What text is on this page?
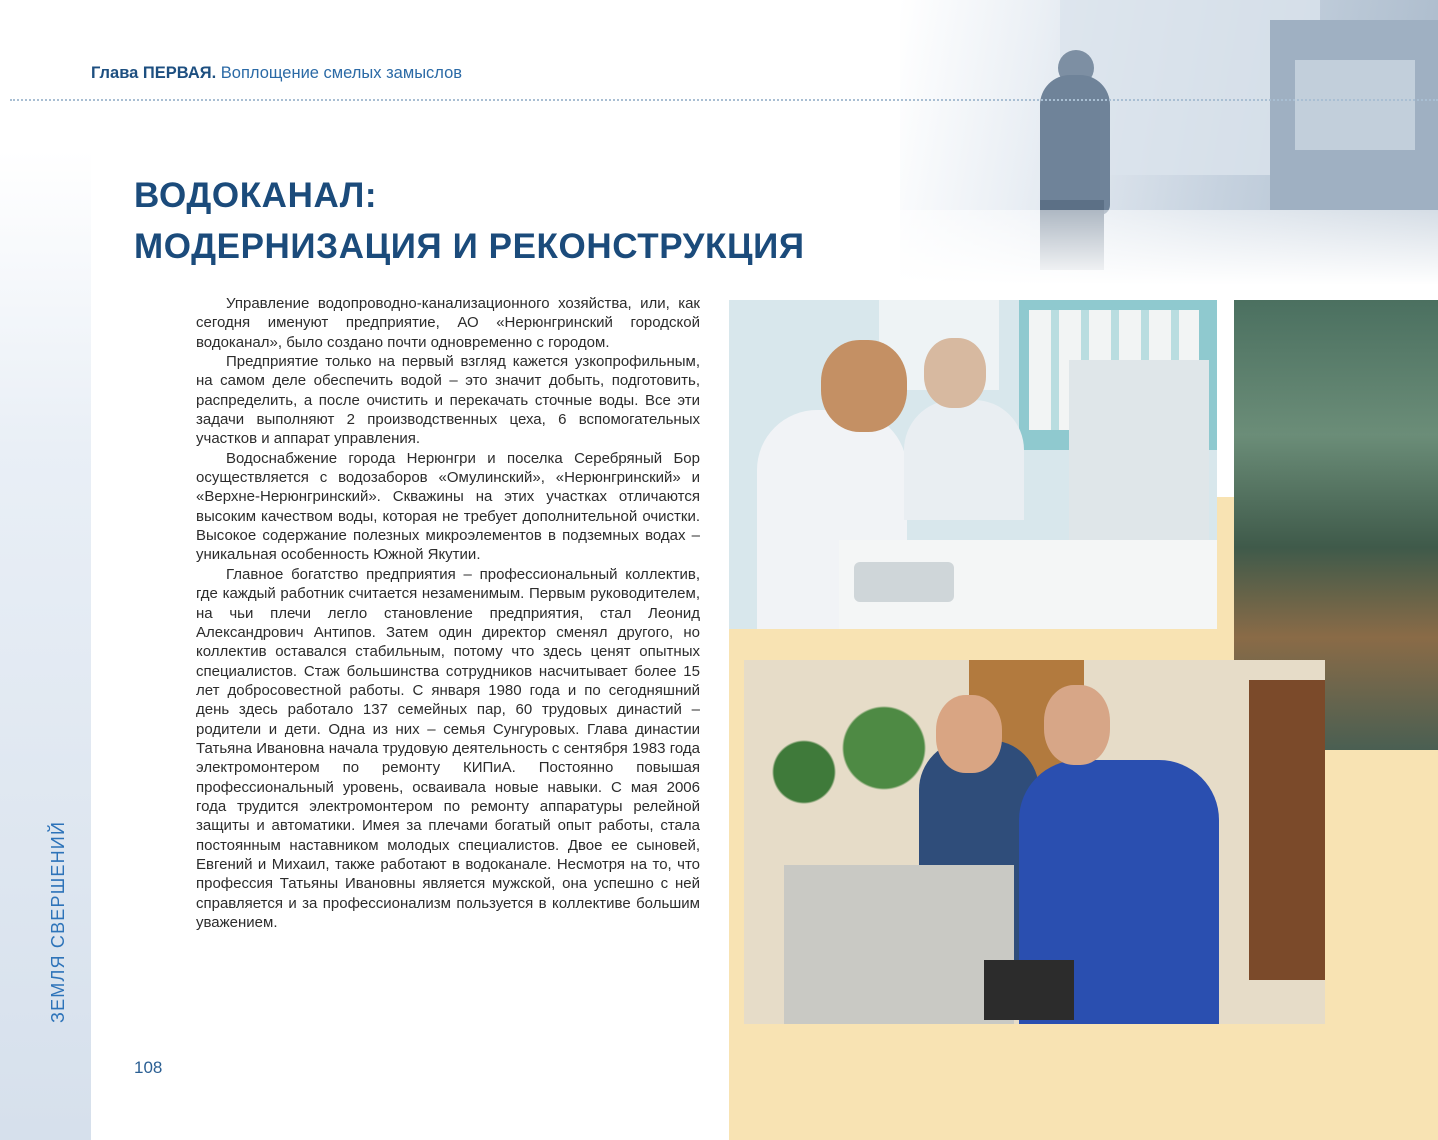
ЗЕМЛЯ СВЕРШЕНИЙ
Глава ПЕРВАЯ. Воплощение смелых замыслов
ВОДОКАНАЛ:
МОДЕРНИЗАЦИЯ И РЕКОНСТРУКЦИЯ

Управление водопроводно-канализационного хозяйства, или, как сегодня именуют предприятие, АО «Нерюнгринский городской водоканал», было создано почти одновременно с городом.

Предприятие только на первый взгляд кажется узкопрофильным, на самом деле обеспечить водой – это значит добыть, подготовить, распределить, а после очистить и перекачать сточные воды. Все эти задачи выполняют 2 производственных цеха, 6 вспомогательных участков и аппарат управления.

Водоснабжение города Нерюнгри и поселка Серебряный Бор осуществляется с водозаборов «Омулинский», «Нерюнгринский» и «Верхне-Нерюнгринский». Скважины на этих участках отличаются высоким качеством воды, которая не требует дополнительной очистки. Высокое содержание полезных микроэлементов в подземных водах – уникальная особенность Южной Якутии.

Главное богатство предприятия – профессиональный коллектив, где каждый работник считается незаменимым. Первым руководителем, на чьи плечи легло становление предприятия, стал Леонид Александрович Антипов. Затем один директор сменял другого, но коллектив оставался стабильным, потому что здесь ценят опытных специалистов. Стаж большинства сотрудников насчитывает более 15 лет добросовестной работы. С января 1980 года и по сегодняшний день здесь работало 137 семейных пар, 60 трудовых династий – родители и дети. Одна из них – семья Сунгуровых. Глава династии Татьяна Ивановна начала трудовую деятельность с сентября 1983 года электромонтером по ремонту КИПиА. Постоянно повышая профессиональный уровень, осваивала новые навыки. С мая 2006 года трудится электромонтером по ремонту аппаратуры релейной защиты и автоматики. Имея за плечами богатый опыт работы, стала постоянным наставником молодых специалистов. Двое ее сыновей, Евгений и Михаил, также работают в водоканале. Несмотря на то, что профессия Татьяны Ивановны является мужской, она успешно с ней справляется и за профессионализм пользуется в коллективе большим уважением.

108
